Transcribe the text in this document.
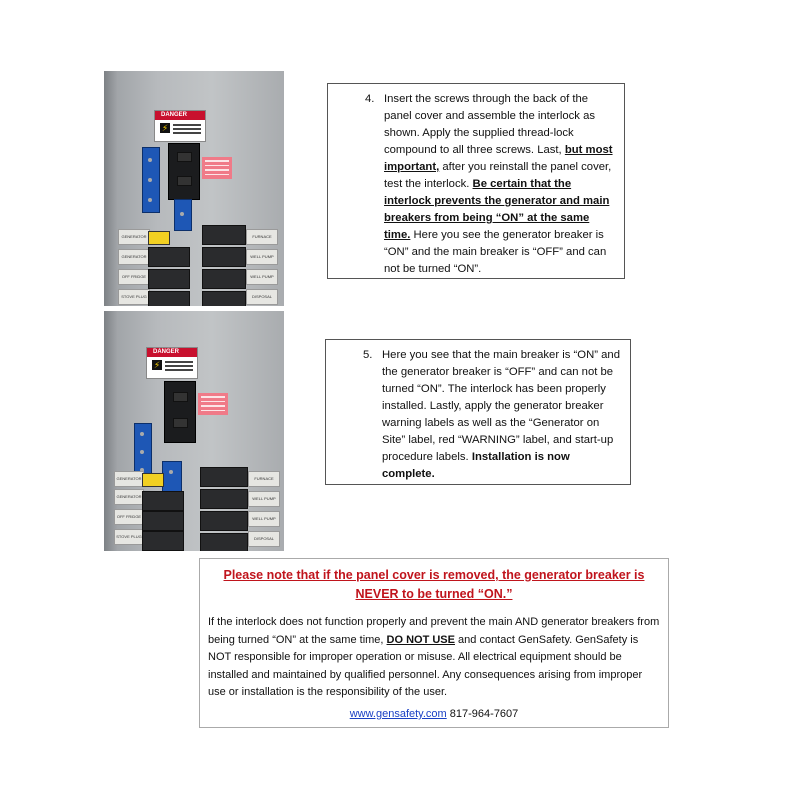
DANGER
⚡
GENERATOR
GENERATOR
OFF FRIDGE
STOVE PLUG
FURNACE
WELL PUMP
WELL PUMP
DISPOSAL
4. Insert the screws through the back of the panel cover and assemble the interlock as shown. Apply the supplied thread-lock compound to all three screws. Last, but most important, after you reinstall the panel cover, test the interlock. Be certain that the interlock prevents the generator and main breakers from being “ON” at the same time. Here you see the generator breaker is “ON” and the main breaker is “OFF” and can not be turned “ON”.

DANGER
⚡
GENERATOR
GENERATOR
OFF FRIDGE
STOVE PLUG
FURNACE
WELL PUMP
WELL PUMP
DISPOSAL
5. Here you see that the main breaker is “ON” and the generator breaker is “OFF” and can not be turned “ON”. The interlock has been properly installed. Lastly, apply the generator breaker warning labels as well as the “Generator on Site” label, red “WARNING” label, and start-up procedure labels. Installation is now complete.

Please note that if the panel cover is removed, the generator breaker is
NEVER to be turned “ON.”

If the interlock does not function properly and prevent the main AND generator breakers from being turned “ON” at the same time, DO NOT USE and contact GenSafety. GenSafety is NOT responsible for improper operation or misuse. All electrical equipment should be installed and maintained by qualified personnel. Any consequences arising from improper use or installation is the responsibility of the user.

www.gensafety.com 817-964-7607
